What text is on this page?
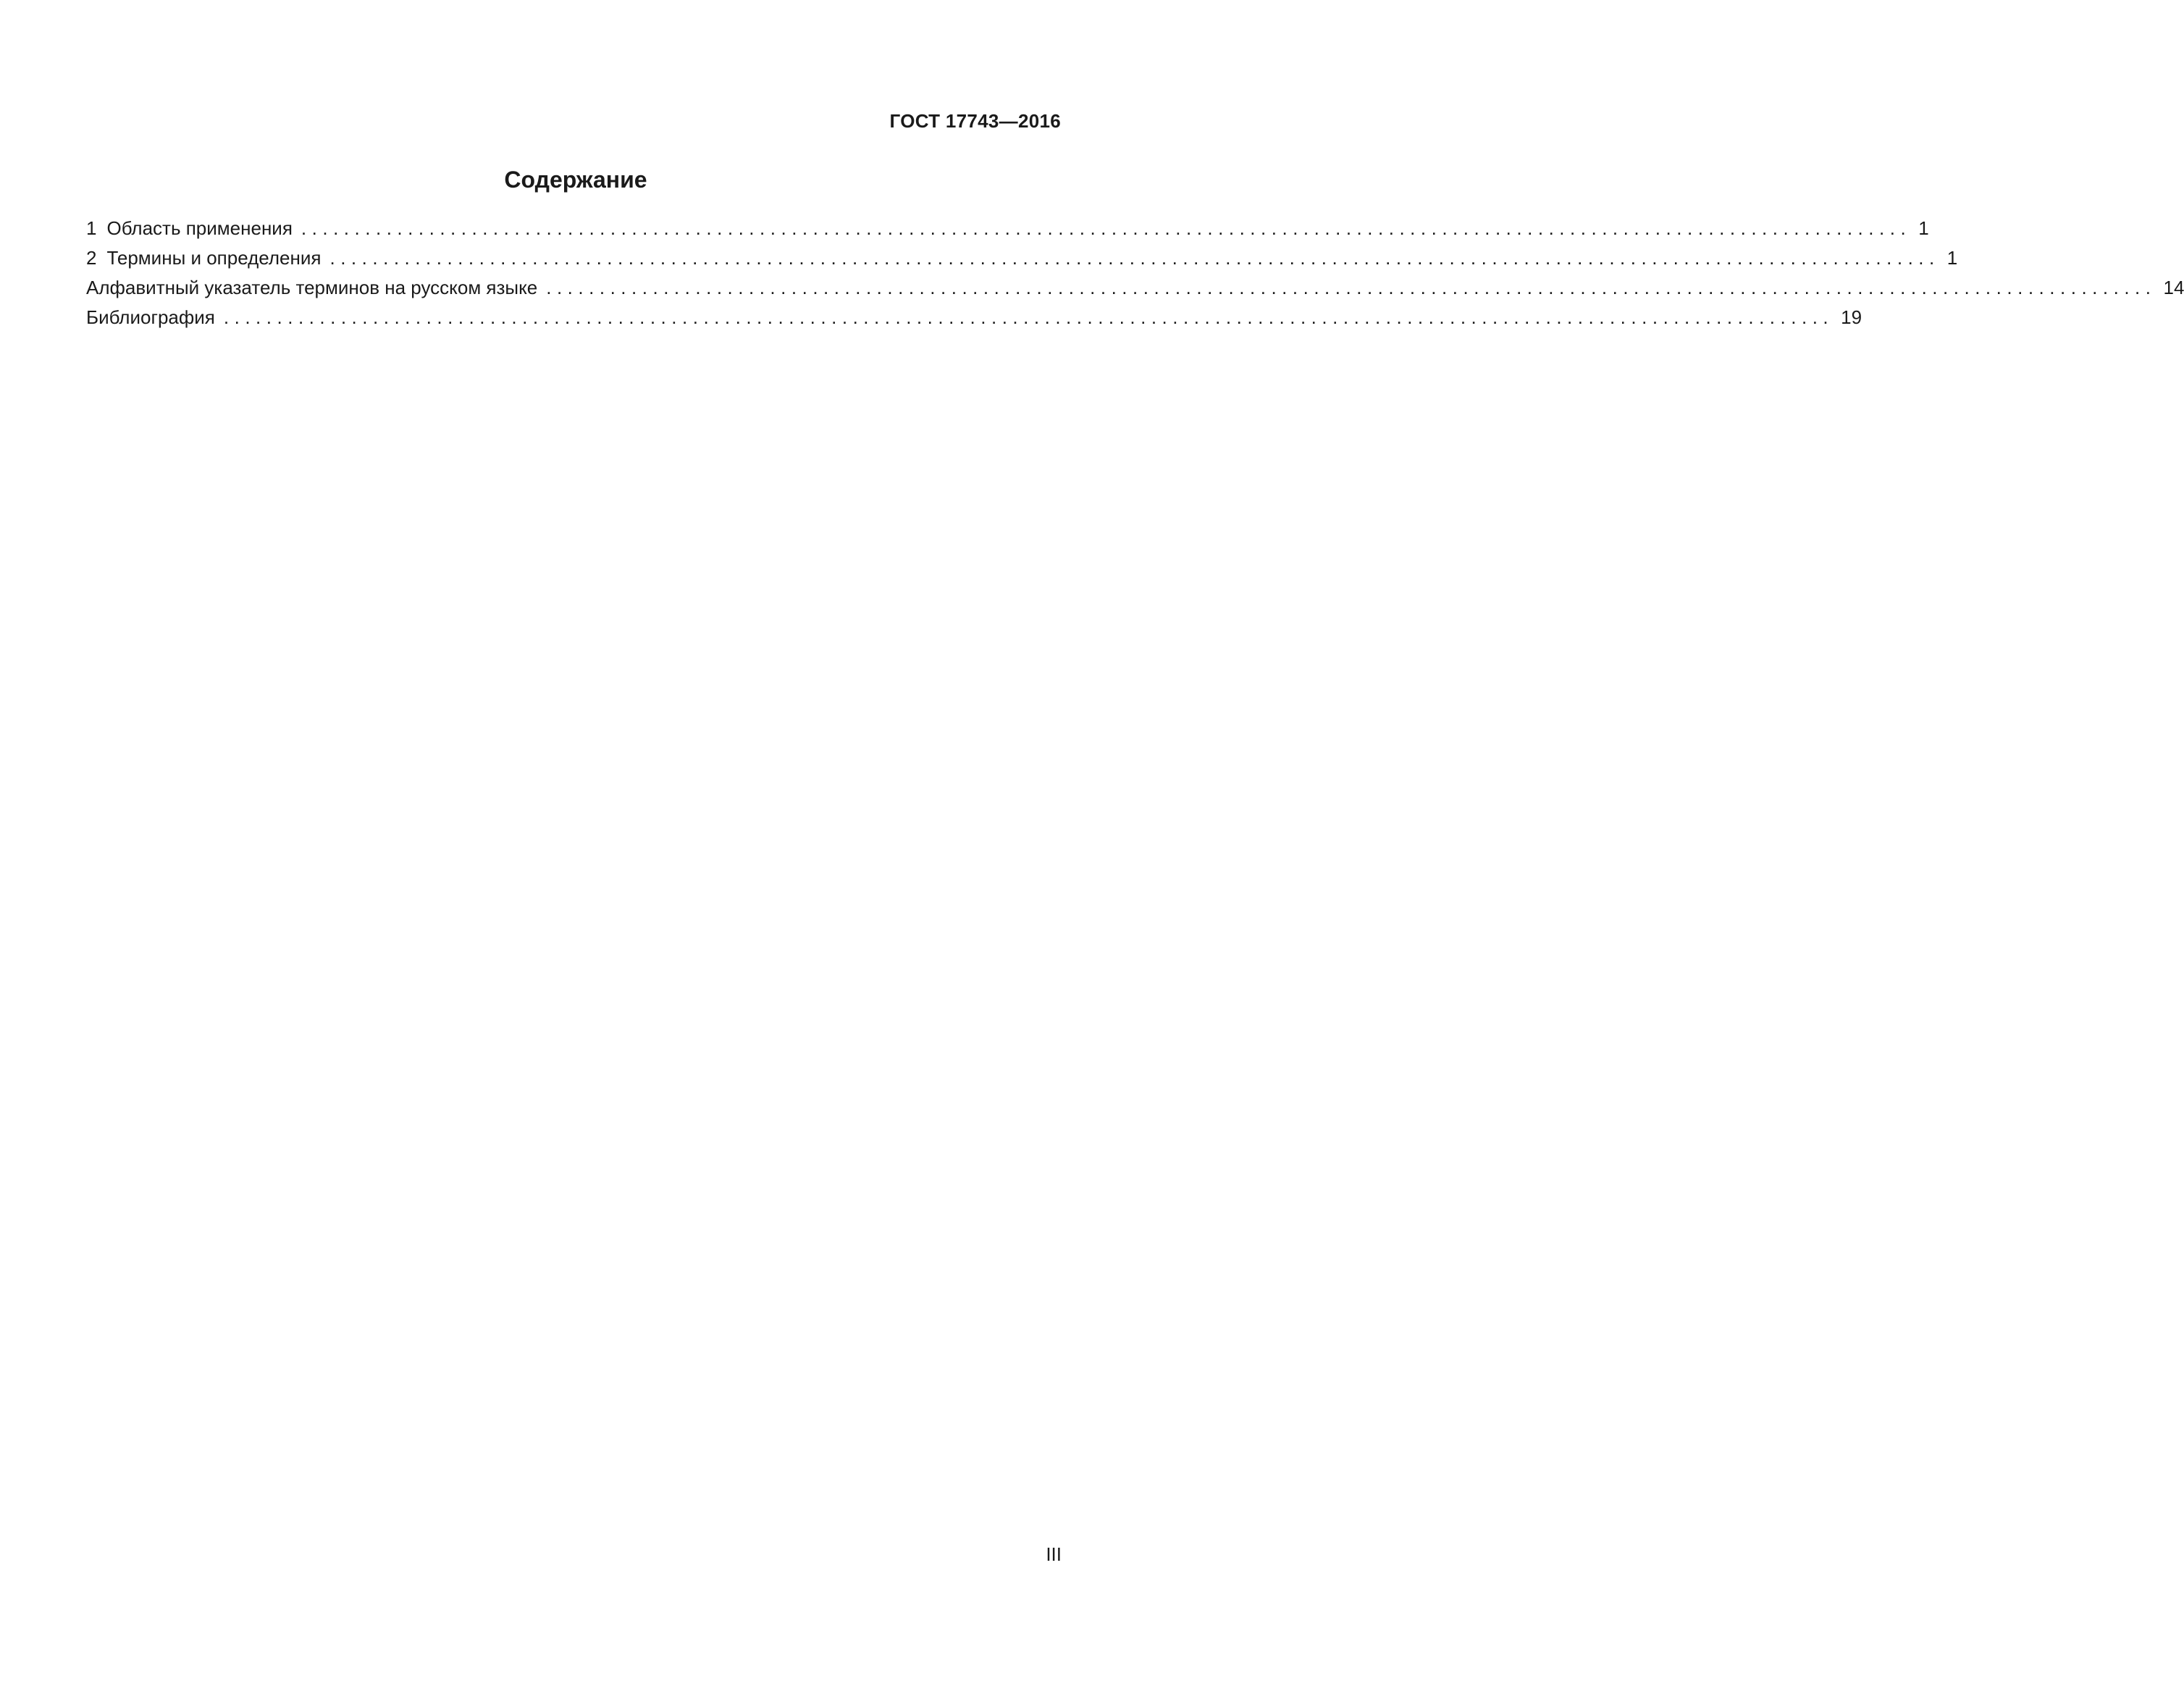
ГОСТ 17743—2016
Содержание
1 Область применения ....................................................................................................................................................... 1
2 Термины и определения ....................................................................................................................................................... 1
Алфавитный указатель терминов на русском языке ....................................................................................................................................................... 14
Библиография ....................................................................................................................................................... 19
III
